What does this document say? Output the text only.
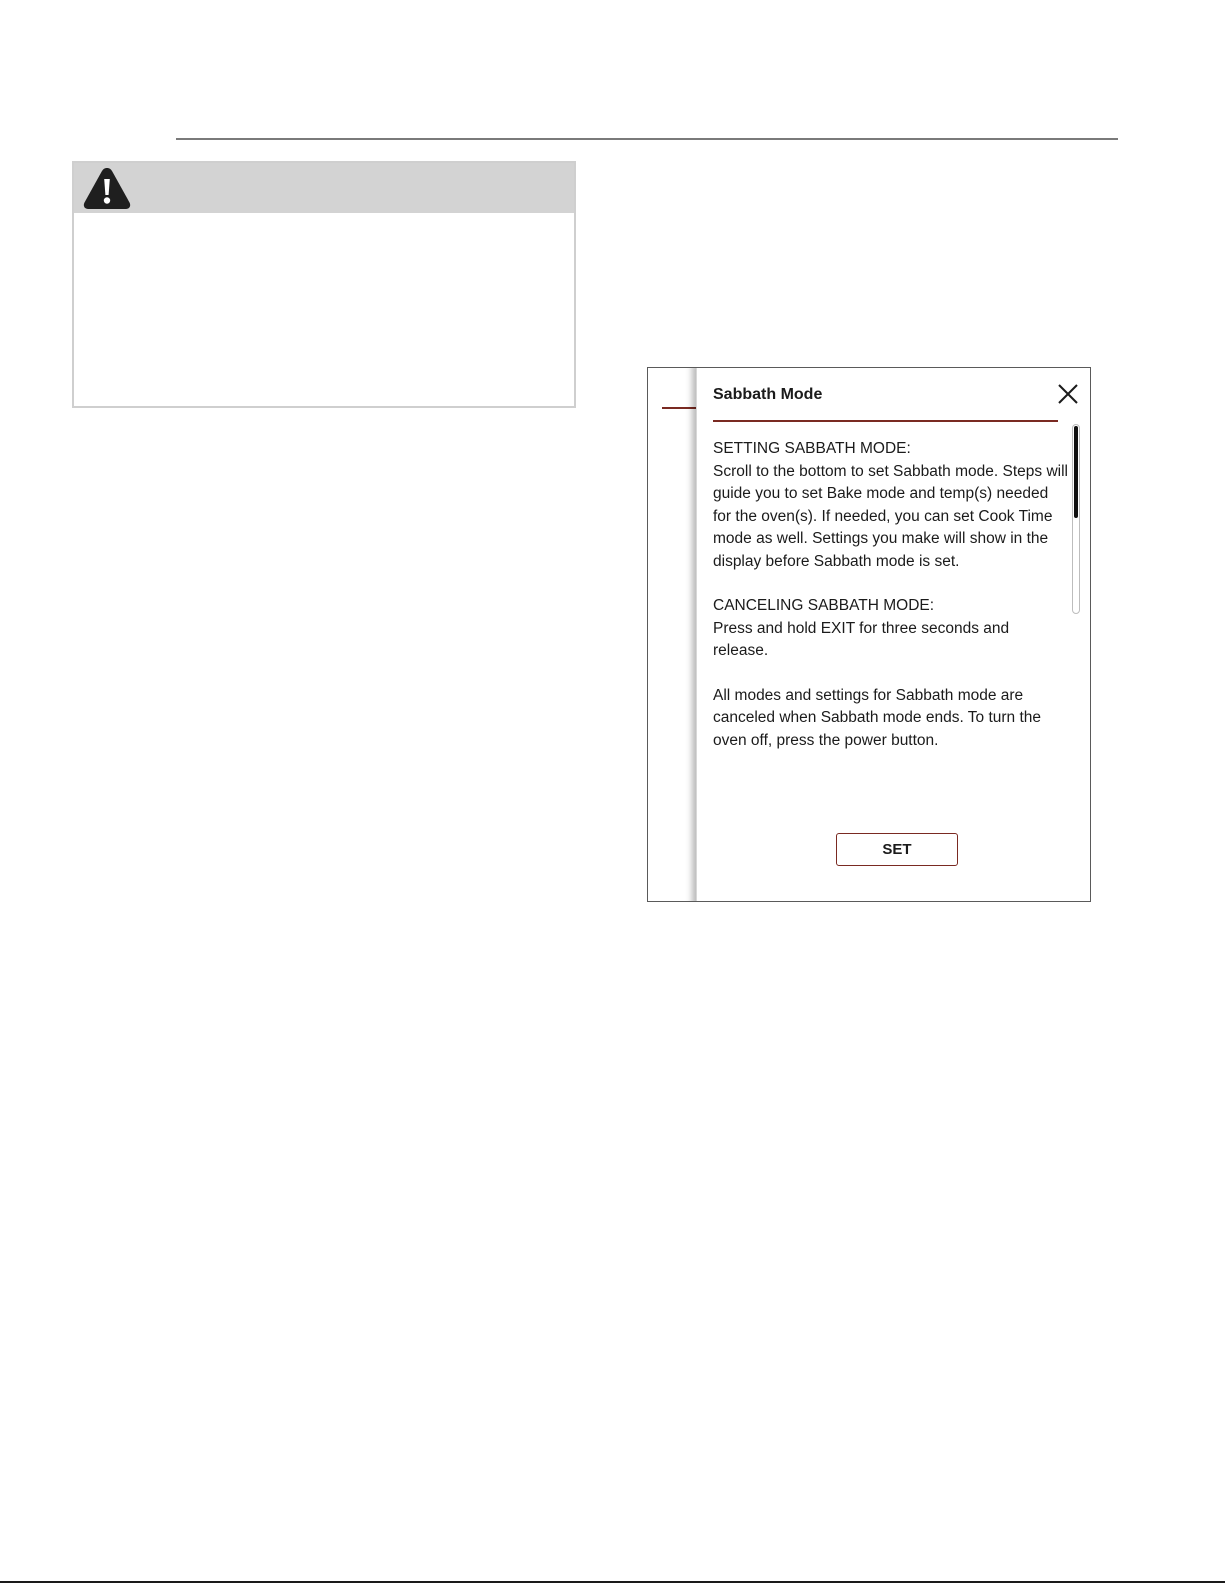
Sabbath Mode

SETTING SABBATH MODE:
Scroll to the bottom to set Sabbath mode. Steps will guide you to set Bake mode and temp(s) needed for the oven(s). If needed, you can set Cook Time mode as well. Settings you make will show in the display before Sabbath mode is set.

CANCELING SABBATH MODE:
Press and hold EXIT for three seconds and release.

All modes and settings for Sabbath mode are canceled when Sabbath mode ends. To turn the oven off, press the power button.

SET
